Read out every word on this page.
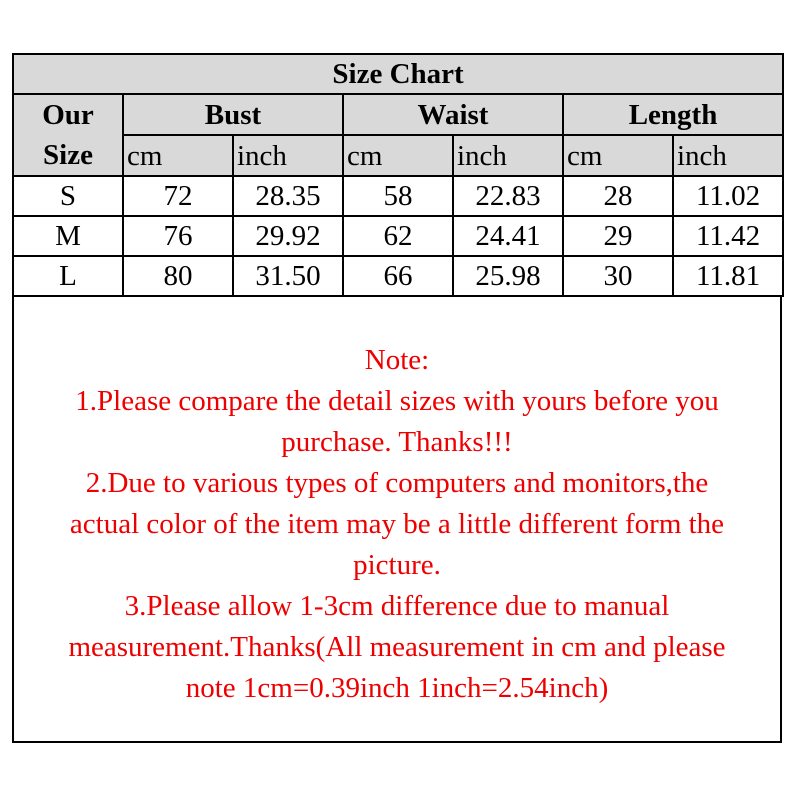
Size Chart						

Our
Size	Bust		Waist		Length	
	cm	inch	cm	inch	cm	inch
S	72	28.35	58	22.83	28	11.02
M	76	29.92	62	24.41	29	11.42
L	80	31.50	66	25.98	30	11.81
Note:
1.Please compare the detail sizes with yours before you
purchase. Thanks!!!
2.Due to various types of computers and monitors,the
actual color of the item may be a little different form the
picture.
3.Please allow 1-3cm difference due to manual
measurement.Thanks(All measurement in cm and please
note 1cm=0.39inch 1inch=2.54inch)
